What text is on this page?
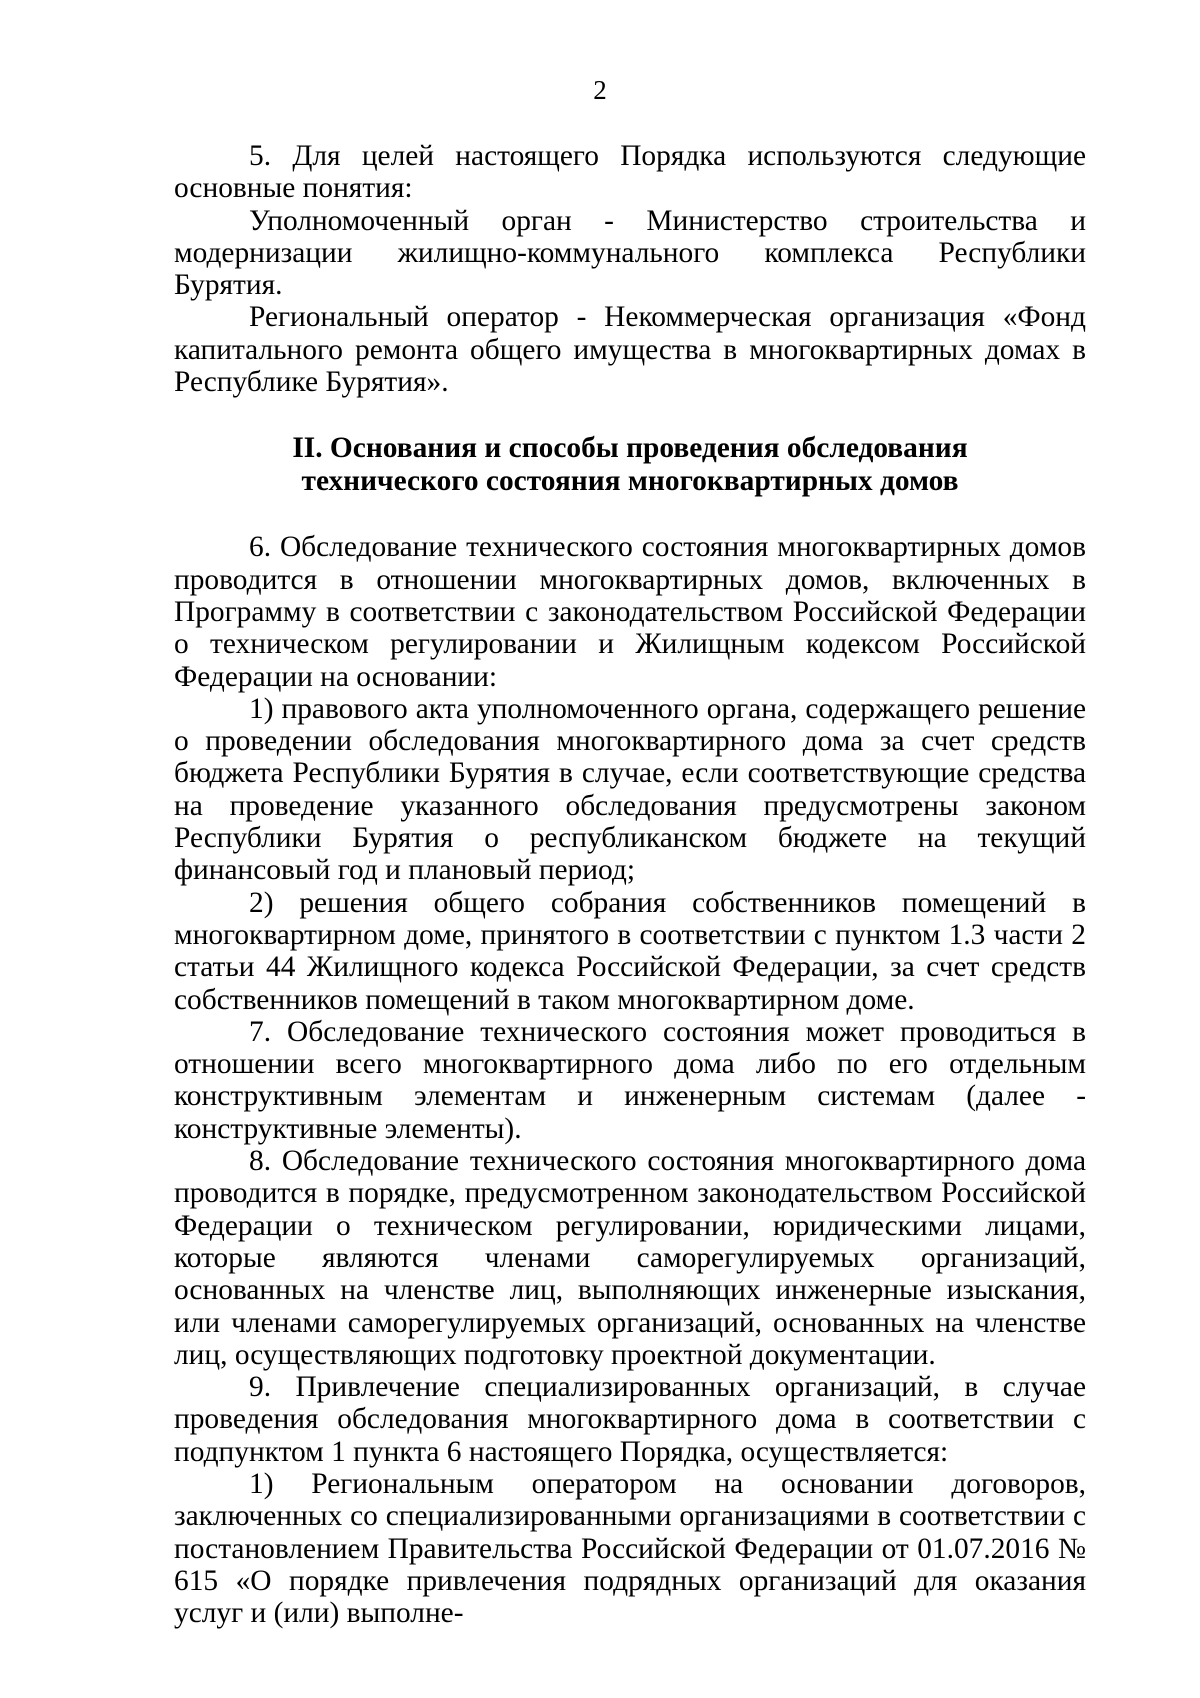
2

5. Для целей настоящего Порядка используются следующие основные понятия:

Уполномоченный орган - Министерство строительства и модернизации жилищно-коммунального комплекса Республики Бурятия.

Региональный оператор - Некоммерческая организация «Фонд капитального ремонта общего имущества в многоквартирных домах в Республике Бурятия».

II. Основания и способы проведения обследования
технического состояния многоквартирных домов

6. Обследование технического состояния многоквартирных домов проводится в отношении многоквартирных домов, включенных в Программу в соответствии с законодательством Российской Федерации о техническом регулировании и Жилищным кодексом Российской Федерации на основании:

1) правового акта уполномоченного органа, содержащего решение о проведении обследования многоквартирного дома за счет средств бюджета Республики Бурятия в случае, если соответствующие средства на проведение указанного обследования предусмотрены законом Республики Бурятия о республиканском бюджете на текущий финансовый год и плановый период;

2) решения общего собрания собственников помещений в многоквартирном доме, принятого в соответствии с пунктом 1.3 части 2 статьи 44 Жилищного кодекса Российской Федерации, за счет средств собственников помещений в таком многоквартирном доме.

7. Обследование технического состояния может проводиться в отношении всего многоквартирного дома либо по его отдельным конструктивным элементам и инженерным системам (далее - конструктивные элементы).

8. Обследование технического состояния многоквартирного дома проводится в порядке, предусмотренном законодательством Российской Федерации о техническом регулировании, юридическими лицами, которые являются членами саморегулируемых организаций, основанных на членстве лиц, выполняющих инженерные изыскания, или членами саморегулируемых организаций, основанных на членстве лиц, осуществляющих подготовку проектной документации.

9. Привлечение специализированных организаций, в случае проведения обследования многоквартирного дома в соответствии с подпунктом 1 пункта 6 настоящего Порядка, осуществляется:

1) Региональным оператором на основании договоров, заключенных со специализированными организациями в соответствии с постановлением Правительства Российской Федерации от 01.07.2016 № 615 «О порядке привлечения подрядных организаций для оказания услуг и (или) выполне-
